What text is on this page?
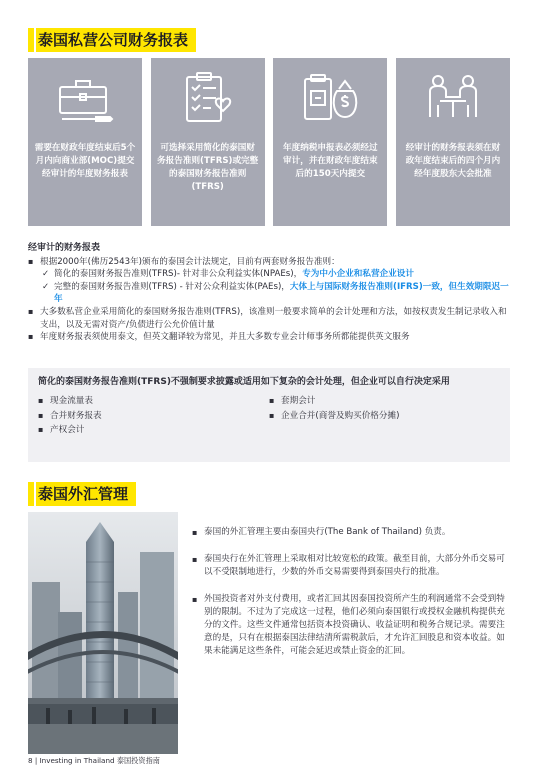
泰国私营公司财务报表
需要在财政年度结束后5个月内向商业部(MOC)提交经审计的年度财务报表
可选择采用简化的泰国财务报告准则(TFRS)或完整的泰国财务报告准则(TFRS)
年度纳税申报表必须经过审计，并在财政年度结束后的150天内提交
经审计的财务报表须在财政年度结束后的四个月内经年度股东大会批准
经审计的财务报表
▪ 根据2000年(佛历2543年)颁布的泰国会计法规定，目前有两套财务报告准则：
✓ 简化的泰国财务报告准则(TFRS)- 针对非公众利益实体(NPAEs)，专为中小企业和私营企业设计
✓ 完整的泰国财务报告准则(TFRS) - 针对公众利益实体(PAEs)，大体上与国际财务报告准则(IFRS)一致，但生效期限迟一年
▪ 大多数私营企业采用简化的泰国财务报告准则(TFRS)，该准则一般要求简单的会计处理和方法，如按权责发生制记录收入和支出，以及无需对资产/负债进行公允价值计量
▪ 年度财务报表须使用泰文，但英文翻译较为常见，并且大多数专业会计师事务所都能提供英文服务
简化的泰国财务报告准则(TFRS)不强制要求披露或适用如下复杂的会计处理，但企业可以自行决定采用
▪ 现金流量表
▪ 合并财务报表
▪ 产权会计
▪ 套期会计
▪ 企业合并(商誉及购买价格分摊)
泰国外汇管理
▪ 泰国的外汇管理主要由泰国央行(The Bank of Thailand) 负责。
▪ 泰国央行在外汇管理上采取相对比较宽松的政策。截至目前，大部分外币交易可以不受限制地进行，少数的外币交易需要得到泰国央行的批准。
▪ 外国投资者对外支付费用，或者汇回其因泰国投资所产生的利润通常不会受到特别的限制。不过为了完成这一过程，他们必须向泰国银行或授权金融机构提供充分的文件。这些文件通常包括资本投资确认、收益证明和税务合规记录。需要注意的是，只有在根据泰国法律结清所需税款后，才允许汇回股息和资本收益。如果未能满足这些条件，可能会延迟或禁止资金的汇回。
8 | Investing in Thailand 泰国投资指南
